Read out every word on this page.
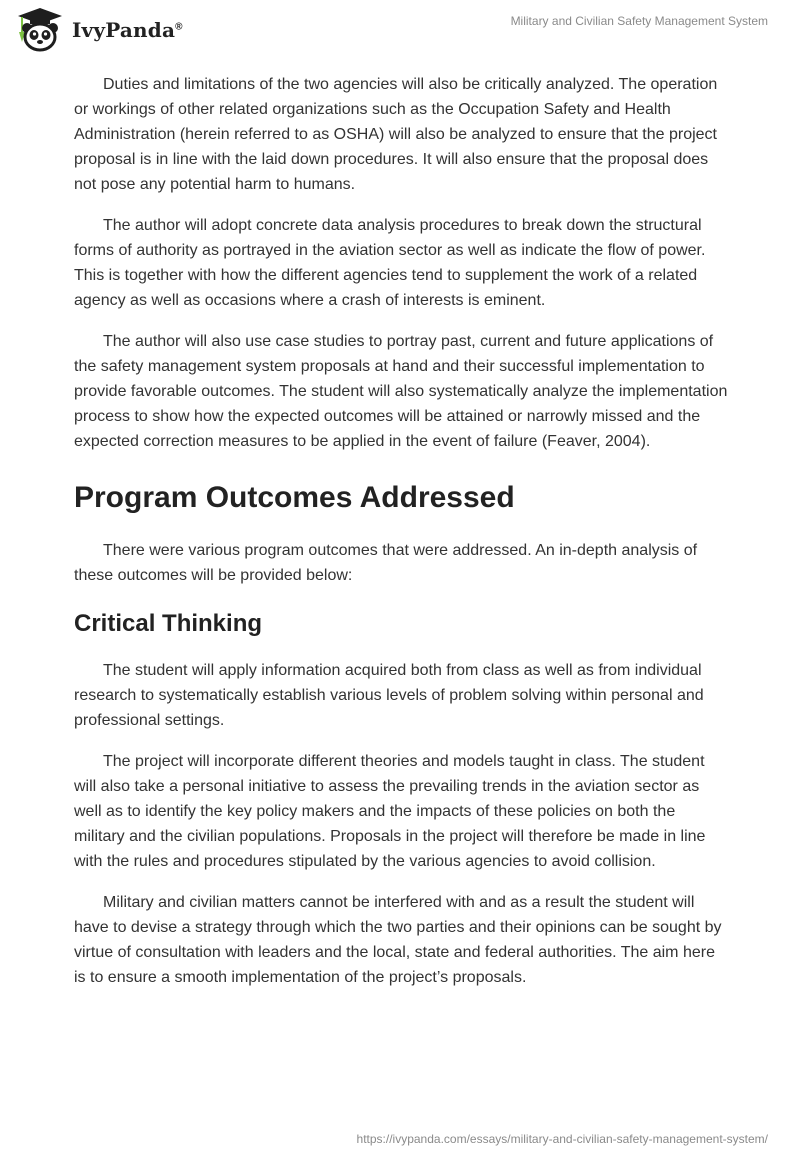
IvyPanda®	Military and Civilian Safety Management System

Duties and limitations of the two agencies will also be critically analyzed. The operation or workings of other related organizations such as the Occupation Safety and Health Administration (herein referred to as OSHA) will also be analyzed to ensure that the project proposal is in line with the laid down procedures. It will also ensure that the proposal does not pose any potential harm to humans.

The author will adopt concrete data analysis procedures to break down the structural forms of authority as portrayed in the aviation sector as well as indicate the flow of power. This is together with how the different agencies tend to supplement the work of a related agency as well as occasions where a crash of interests is eminent.

The author will also use case studies to portray past, current and future applications of the safety management system proposals at hand and their successful implementation to provide favorable outcomes. The student will also systematically analyze the implementation process to show how the expected outcomes will be attained or narrowly missed and the expected correction measures to be applied in the event of failure (Feaver, 2004).

Program Outcomes Addressed

There were various program outcomes that were addressed. An in-depth analysis of these outcomes will be provided below:

Critical Thinking

The student will apply information acquired both from class as well as from individual research to systematically establish various levels of problem solving within personal and professional settings.

The project will incorporate different theories and models taught in class. The student will also take a personal initiative to assess the prevailing trends in the aviation sector as well as to identify the key policy makers and the impacts of these policies on both the military and the civilian populations. Proposals in the project will therefore be made in line with the rules and procedures stipulated by the various agencies to avoid collision.

Military and civilian matters cannot be interfered with and as a result the student will have to devise a strategy through which the two parties and their opinions can be sought by virtue of consultation with leaders and the local, state and federal authorities. The aim here is to ensure a smooth implementation of the project’s proposals.

https://ivypanda.com/essays/military-and-civilian-safety-management-system/
